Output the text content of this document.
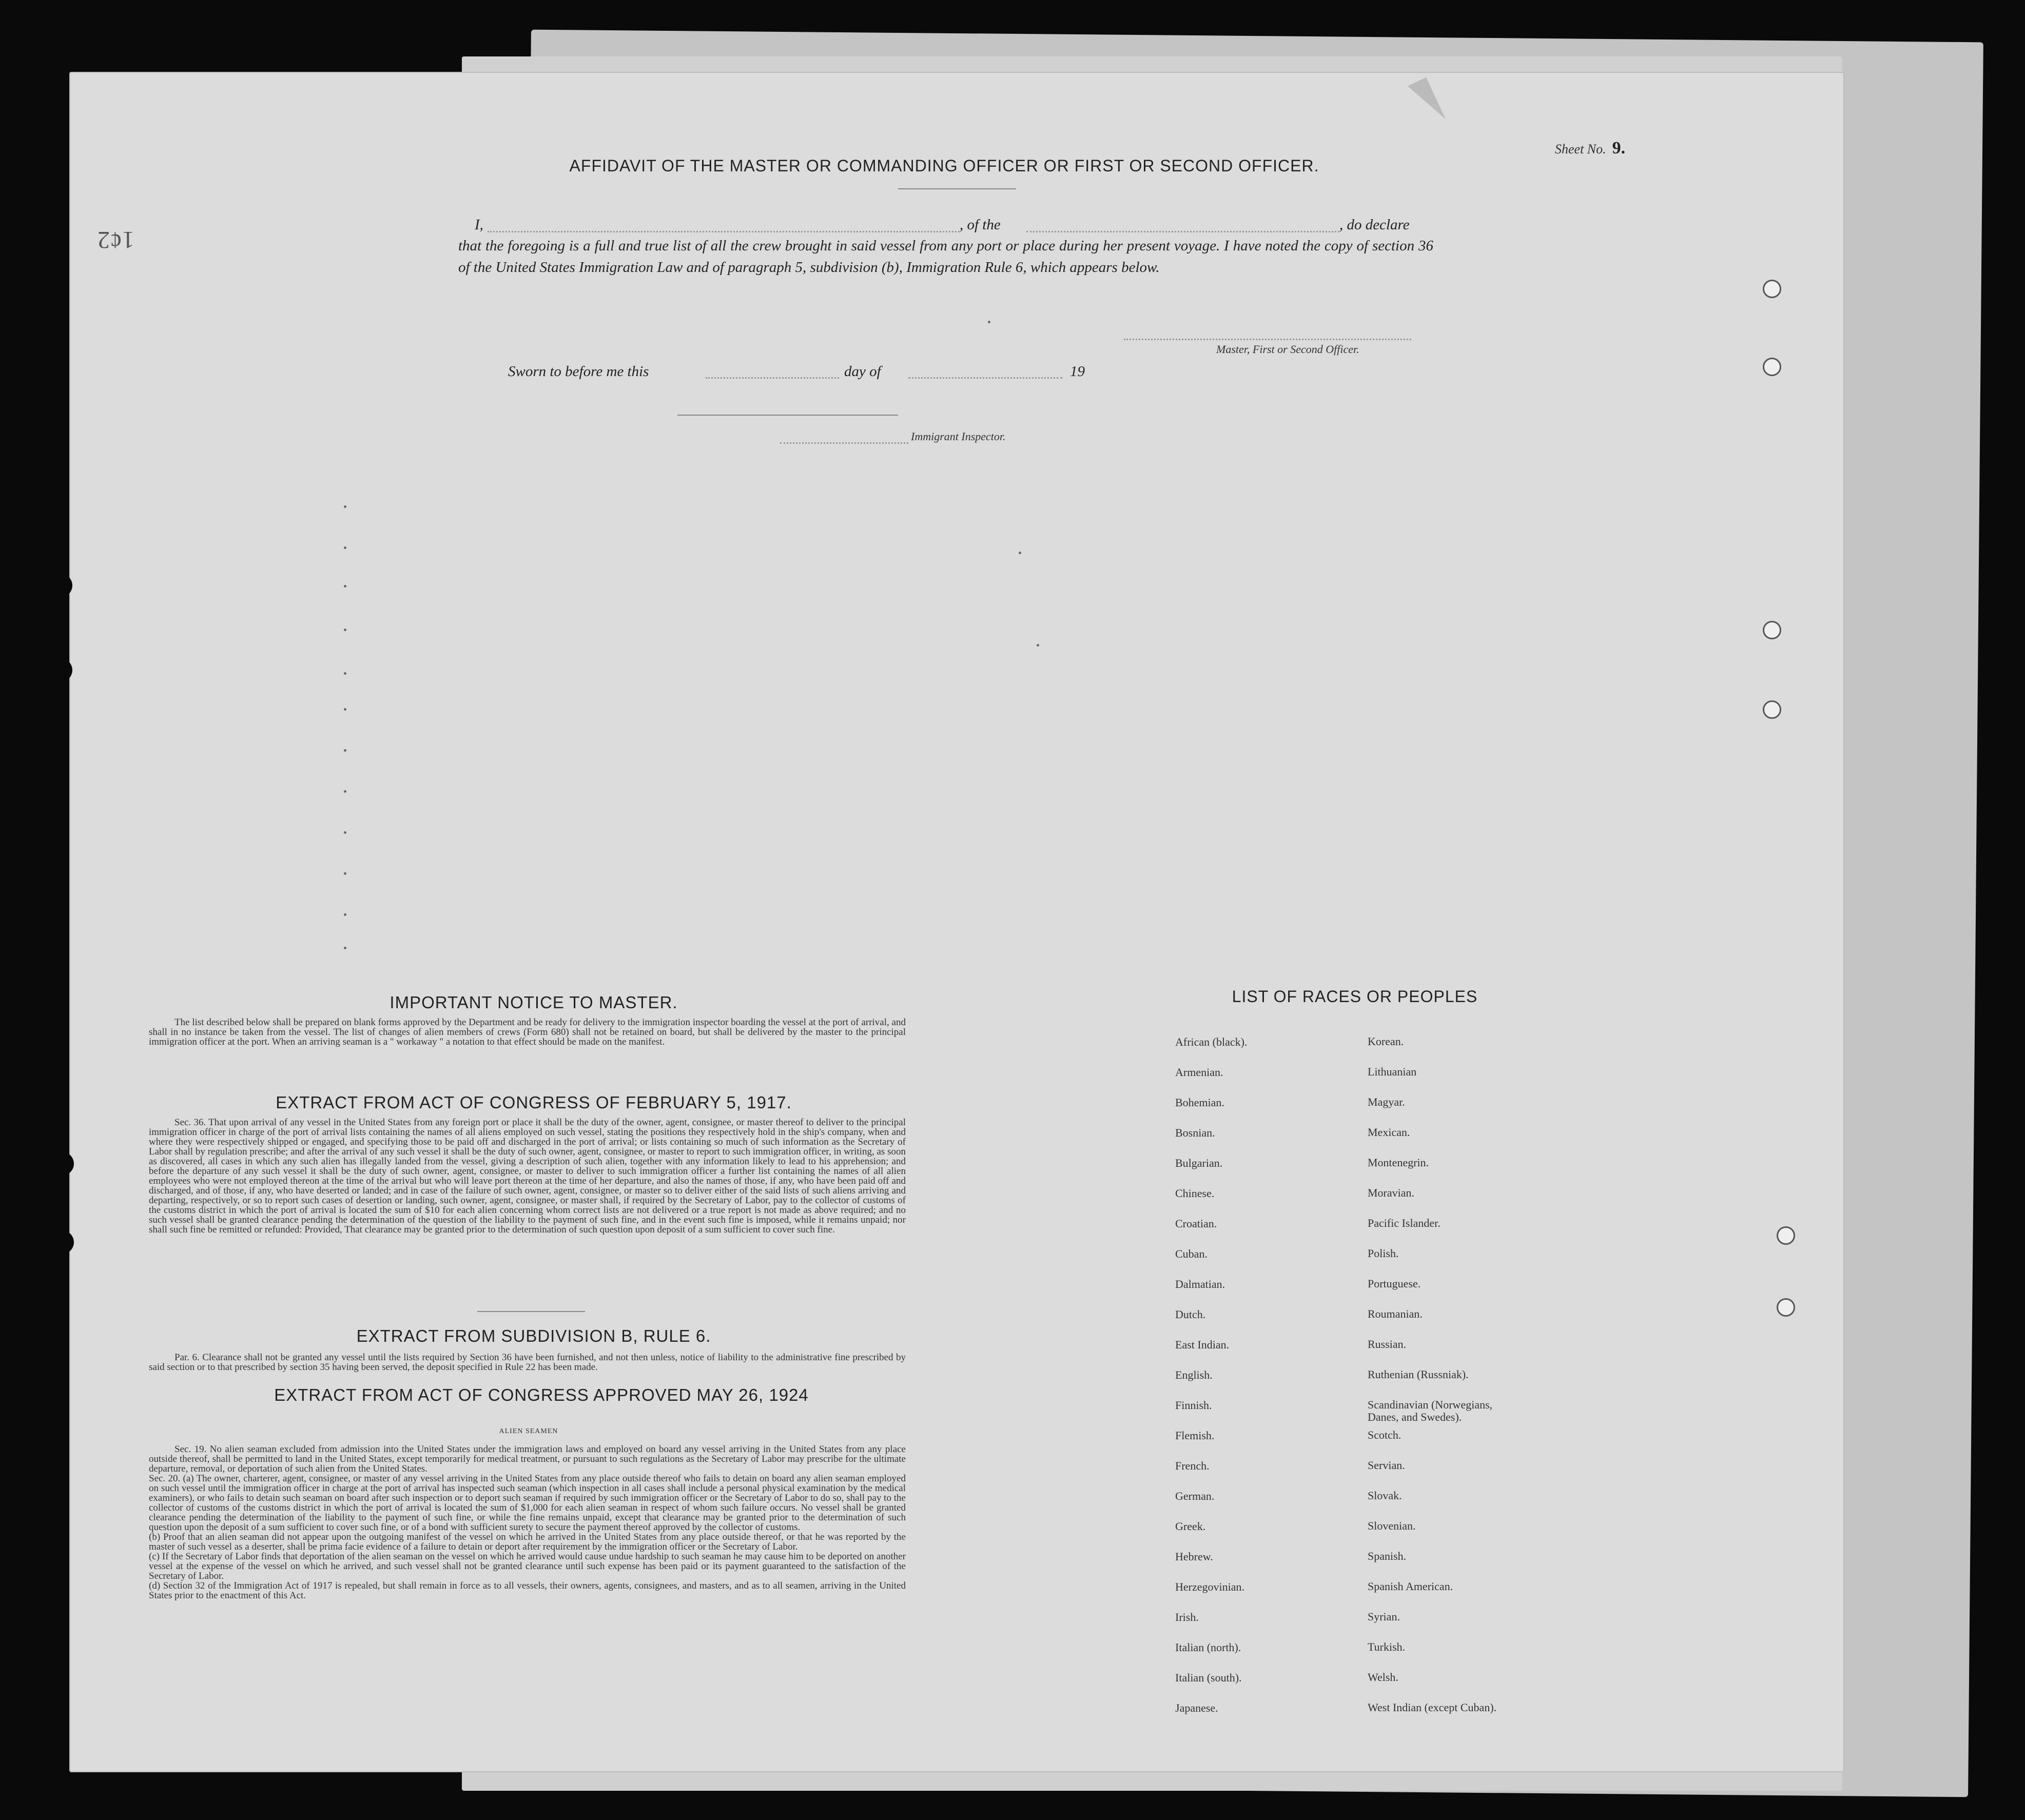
1¢2
Sheet No. 9.
AFFIDAVIT OF THE MASTER OR COMMANDING OFFICER OR FIRST OR SECOND OFFICER.
I,	, of the	, do declare
that the foregoing is a full and true list of all the crew brought in said vessel from any port or place during her present voyage. I have noted the copy of section 36 of the United States Immigration Law and of paragraph 5, subdivision (b), Immigration Rule 6, which appears below.
Master, First or Second Officer.
Sworn to before me this	day of	19
Immigrant Inspector.
IMPORTANT NOTICE TO MASTER.
The list described below shall be prepared on blank forms approved by the Department and be ready for delivery to the immigration inspector boarding the vessel at the port of arrival, and shall in no instance be taken from the vessel. The list of changes of alien members of crews (Form 680) shall not be retained on board, but shall be delivered by the master to the principal immigration officer at the port. When an arriving seaman is a " workaway " a notation to that effect should be made on the manifest.
EXTRACT FROM ACT OF CONGRESS OF FEBRUARY 5, 1917.
Sec. 36. That upon arrival of any vessel in the United States from any foreign port or place it shall be the duty of the owner, agent, consignee, or master thereof to deliver to the principal immigration officer in charge of the port of arrival lists containing the names of all aliens employed on such vessel, stating the positions they respectively hold in the ship's company, when and where they were respectively shipped or engaged, and specifying those to be paid off and discharged in the port of arrival; or lists containing so much of such information as the Secretary of Labor shall by regulation prescribe; and after the arrival of any such vessel it shall be the duty of such owner, agent, consignee, or master to report to such immigration officer, in writing, as soon as discovered, all cases in which any such alien has illegally landed from the vessel, giving a description of such alien, together with any information likely to lead to his apprehension; and before the departure of any such vessel it shall be the duty of such owner, agent, consignee, or master to deliver to such immigration officer a further list containing the names of all alien employees who were not employed thereon at the time of the arrival but who will leave port thereon at the time of her departure, and also the names of those, if any, who have been paid off and discharged, and of those, if any, who have deserted or landed; and in case of the failure of such owner, agent, consignee, or master so to deliver either of the said lists of such aliens arriving and departing, respectively, or so to report such cases of desertion or landing, such owner, agent, consignee, or master shall, if required by the Secretary of Labor, pay to the collector of customs of the customs district in which the port of arrival is located the sum of $10 for each alien concerning whom correct lists are not delivered or a true report is not made as above required; and no such vessel shall be granted clearance pending the determination of the question of the liability to the payment of such fine, and in the event such fine is imposed, while it remains unpaid; nor shall such fine be remitted or refunded: Provided, That clearance may be granted prior to the determination of such question upon deposit of a sum sufficient to cover such fine.
EXTRACT FROM SUBDIVISION B, RULE 6.
Par. 6. Clearance shall not be granted any vessel until the lists required by Section 36 have been furnished, and not then unless, notice of liability to the administrative fine prescribed by said section or to that prescribed by section 35 having been served, the deposit specified in Rule 22 has been made.
EXTRACT FROM ACT OF CONGRESS APPROVED MAY 26, 1924
ALIEN SEAMEN
Sec. 19. No alien seaman excluded from admission into the United States under the immigration laws and employed on board any vessel arriving in the United States from any place outside thereof, shall be permitted to land in the United States, except temporarily for medical treatment, or pursuant to such regulations as the Secretary of Labor may prescribe for the ultimate departure, removal, or deportation of such alien from the United States.
Sec. 20. (a) The owner, charterer, agent, consignee, or master of any vessel arriving in the United States from any place outside thereof who fails to detain on board any alien seaman employed on such vessel until the immigration officer in charge at the port of arrival has inspected such seaman (which inspection in all cases shall include a personal physical examination by the medical examiners), or who fails to detain such seaman on board after such inspection or to deport such seaman if required by such immigration officer or the Secretary of Labor to do so, shall pay to the collector of customs of the customs district in which the port of arrival is located the sum of $1,000 for each alien seaman in respect of whom such failure occurs. No vessel shall be granted clearance pending the determination of the liability to the payment of such fine, or while the fine remains unpaid, except that clearance may be granted prior to the determination of such question upon the deposit of a sum sufficient to cover such fine, or of a bond with sufficient surety to secure the payment thereof approved by the collector of customs.
(b) Proof that an alien seaman did not appear upon the outgoing manifest of the vessel on which he arrived in the United States from any place outside thereof, or that he was reported by the master of such vessel as a deserter, shall be prima facie evidence of a failure to detain or deport after requirement by the immigration officer or the Secretary of Labor.
(c) If the Secretary of Labor finds that deportation of the alien seaman on the vessel on which he arrived would cause undue hardship to such seaman he may cause him to be deported on another vessel at the expense of the vessel on which he arrived, and such vessel shall not be granted clearance until such expense has been paid or its payment guaranteed to the satisfaction of the Secretary of Labor.
(d) Section 32 of the Immigration Act of 1917 is repealed, but shall remain in force as to all vessels, their owners, agents, consignees, and masters, and as to all seamen, arriving in the United States prior to the enactment of this Act.
LIST OF RACES OR PEOPLES
African (black).	Korean.
Armenian.	Lithuanian
Bohemian.	Magyar.
Bosnian.	Mexican.
Bulgarian.	Montenegrin.
Chinese.	Moravian.
Croatian.	Pacific Islander.
Cuban.	Polish.
Dalmatian.	Portuguese.
Dutch.	Roumanian.
East Indian.	Russian.
English.	Ruthenian (Russniak).
Finnish.	Scandinavian (Norwegians,
Danes, and Swedes).
Flemish.	Scotch.
French.	Servian.
German.	Slovak.
Greek.	Slovenian.
Hebrew.	Spanish.
Herzegovinian.	Spanish American.
Irish.	Syrian.
Italian (north).	Turkish.
Italian (south).	Welsh.
Japanese.	West Indian (except Cuban).
